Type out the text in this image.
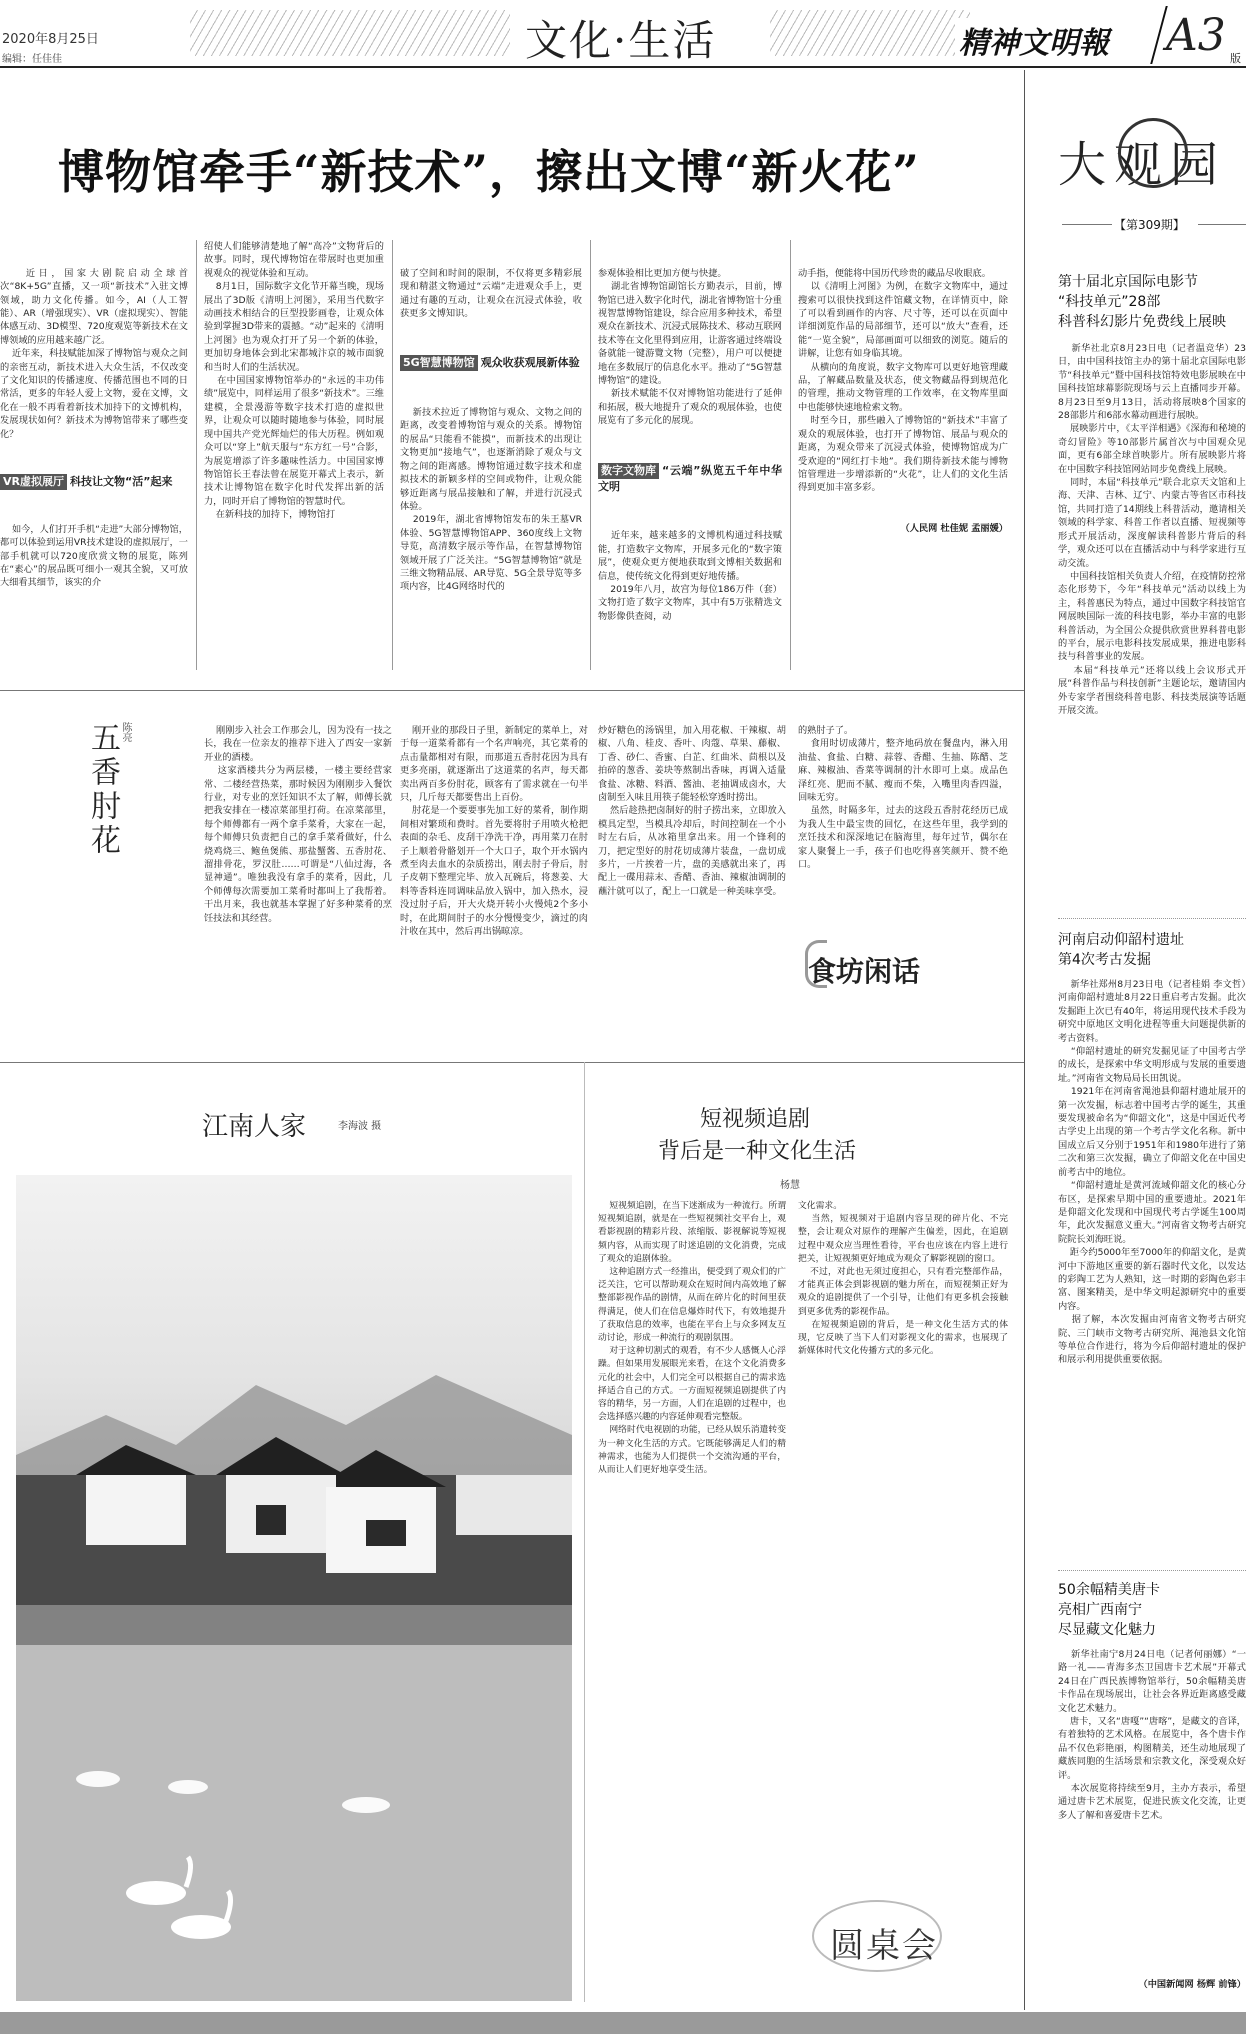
2020年8月25日
编辑：任佳佳	文化·生活	精神文明報 A3 版
博物馆牵手“新技术”，擦出文博“新火花”

近日，国家大剧院启动全球首次“8K+5G”直播，又一项“新技术”入驻文博领域，助力文化传播。如今，AI（人工智能）、AR（增强现实）、VR（虚拟现实）、智能体感互动、3D模型、720度观览等新技术在文博领域的应用越来越广泛。
近年来，科技赋能加深了博物馆与观众之间的亲密互动，新技术进入大众生活，不仅改变了文化知识的传播速度、传播范围也不同的日常活，更多的年轻人爱上文物，爱在文博，文化在一般不再看着新技术加持下的文博机构，发展现状如何？新技术为博物馆带来了哪些变化？

VR虚拟展厅 科技让文物“活”起来

如今，人们打开手机“走进”大部分博物馆，都可以体验到运用VR技术建设的虚拟展厅，一部手机就可以720度欣赏文物的展览，陈列在“素心”的展品既可细小一观其全貌，又可放大细看其细节，该实的介

绍使人们能够清楚地了解“高冷”文物背后的故事。同时，现代博物馆在带展时也更加重视观众的视觉体验和互动。
8月1日，国际数字文化节开幕当晚，现场展出了3D版《清明上河图》，采用当代数字动画技术相结合的巨型投影画卷，让观众体验到掌握3D带来的震撼。“动”起来的《清明上河图》也为观众打开了另一个新的体验，更加切身地体会到北宋都城汴京的城市面貌和当时人们的生活状况。
在中国国家博物馆举办的“永远的丰功伟绩”展览中，同样运用了很多“新技术”。三维建模，全景漫游等数字技术打造的虚拟世界，让观众可以随时随地参与体验，同时展现中国共产党光辉灿烂的伟大历程。例如观众可以“穿上”航天服与“东方红一号”合影，为展览增添了许多趣味性活力。中国国家博物馆馆长王春法曾在展览开幕式上表示，新技术让博物馆在数字化时代发挥出新的活力，同时开启了博物馆的智慧时代。
在新科技的加持下，博物馆打

破了空间和时间的限制，不仅将更多精彩展现和精湛文物通过“云端”走进观众手上，更通过有趣的互动，让观众在沉浸式体验，收获更多文博知识。

5G智慧博物馆 观众收获观展新体验

新技术拉近了博物馆与观众、文物之间的距离，改变着博物馆与观众的关系。博物馆的展品“只能看不能摸”，而新技术的出现让文物更加“接地气”，也逐渐消除了观众与文物之间的距离感。博物馆通过数字技术和虚拟技术的新颖多样的空间或物件，让观众能够近距离与展品接触和了解，并进行沉浸式体验。
2019年，湖北省博物馆发布的朱王墓VR体验、5G智慧博物馆APP、360度线上文物导览，高清数字展示等作品，在智慧博物馆领域开展了广泛关注。“5G智慧博物馆”就是三维文物精品展、AR导览、5G全景导览等多项内容，比4G网络时代的

参观体验相比更加方便与快捷。
湖北省博物馆副馆长方勤表示，目前，博物馆已进入数字化时代，湖北省博物馆十分重视智慧博物馆建设，综合应用多种技术，希望观众在新技术、沉浸式展陈技术、移动互联网技术等在文化里得到应用，让游客通过终端设备就能一键游覽文物（完整），用户可以便捷地在多数展厅的信息化水平。推动了“5G智慧博物馆”的建设。
新技术赋能不仅对博物馆功能进行了延伸和拓展，极大地提升了观众的观展体验，也使展览有了多元化的展现。

数字文物库 “云端”纵览五千年中华文明

近年来，越来越多的文博机构通过科技赋能，打造数字文物库，开展多元化的“数字策展”，使观众更方便地获取到文博相关数据和信息，使传统文化得到更好地传播。
2019年八月，故宫为每位186万件（套）文物打造了数字文物库，其中有5万张精选文物影像供查阅，动

动手指，便能将中国历代珍贵的藏品尽收眼底。
以《清明上河图》为例，在数字文物库中，通过搜索可以很快找到这件馆藏文物，在详情页中，除了可以看到画作的内容、尺寸等，还可以在页面中详细浏览作品的局部细节，还可以“放大”查看，还能“一览全貌”，局部画面可以细致的浏览。随后的讲解，让您有如身临其境。
从横向的角度说，数字文物库可以更好地管理藏品，了解藏品数量及状态，使文物藏品得到规范化的管理，推动文物管理的工作效率，在文物库里面中也能够快速地检索文物。
时至今日，那些融入了博物馆的“新技术”丰富了观众的观展体验，也打开了博物馆、展品与观众的距离，为观众带来了沉浸式体验，使博物馆成为广受欢迎的“网红打卡地”。我们期待新技术能与博物馆管理进一步增添新的“火花”，让人们的文化生活得到更加丰富多彩。

（人民网 杜佳妮 孟丽媛）

陈亮
五香肘花	刚刚步入社会工作那会儿，因为没有一技之长，我在一位亲友的推荐下进入了西安一家新开业的酒楼。
这家酒楼共分为两层楼，一楼主要经营家常、二楼经营热菜，那时候因为刚刚步入餐饮行业，对专业的烹饪知识不太了解，师傅长就把我安排在一楼凉菜部里打荷。在凉菜部里，每个师傅都有一两个拿手菜肴，大家在一起，每个师傅只负责把自己的拿手菜肴做好，什么烧鸡烧三、鲍鱼煲熊、那盐蟹酱、五香肘花、溜排骨花，罗汉肚……可谓是“八仙过海，各显神通”。唯独我没有拿手的菜肴，因此，几个师傅每次需要加工菜肴时都叫上了我帮着。干出月来，我也就基本掌握了好多种菜肴的烹饪技法和其经营。
刚开业的那段日子里，新制定的菜单上，对于每一道菜肴都有一个名声响亮，其它菜肴的点击量都相对有限，而那道五香肘花因为具有更多亮丽，就逐渐出了这道菜的名声，每天都卖出两百多份肘花，顾客有了需求就在一句半只，几斤每天都要售出上百份。
肘花是一个要要事先加工好的菜肴，制作期间相对繁琐和费时。首先要将肘子用喷火枪把表面的杂毛、皮刮干净洗干净，再用菜刀在肘子上顺着骨骼划开一个大口子，取个开水锅内煮至肉去血水的杂质捞出，刚去肘子骨后，肘子皮朝下整理完毕、放入瓦碗后，将葱姜、大料等香料连同调味品放入锅中，加入热水，浸没过肘子后，开大火烧开转小火慢炖2个多小时，在此期间肘子的水分慢慢变少，滴过的肉汁收在其中，然后再出锅晾凉。
炒好糖色的汤锅里，加入用花椒、干辣椒、胡椒、八角、桂皮、香叶、肉蔻、草果、藤椒、丁香、砂仁、香蜜、白芷、红曲米、茴根以及拍碎的葱香、姜块等熬制出香味，再调入适量食盐、冰糖、料酒、酱油、老抽调成卤水，大卤制至入味且用筷子能轻松穿透时捞出。
然后趁热把卤制好的肘子捞出来，立即放入模具定型，当模具冷却后，时间控制在一个小时左右后，从冰箱里拿出来。用一个锋利的刀，把定型好的肘花切成薄片装盘，一盘切成多片，一片挨着一片，盘的美感就出来了，再配上一碟用蒜末、香醋、香油、辣椒油调制的蘸汁就可以了，配上一口就是一种美味享受。
的熟肘子了。
食用时切成薄片，整齐地码放在餐盘内，淋入用油盐、食盐、白糖、蒜蓉、香醋、生抽、陈醋、芝麻、辣椒油、香菜等调制的汁水即可上桌。成品色泽红亮、肥而不腻、瘦而不柴，入嘴里肉香四溢，回味无穷。
虽然，时隔多年，过去的这段五香肘花经历已成为我人生中最宝贵的回忆，在这些年里，我学到的烹饪技术和深深地记在脑海里，每年过节，偶尔在家人聚餐上一手，孩子们也吃得喜笑颜开、赞不绝口。
食坊闲话
江南人家	李海波 摄	短视频追剧
背后是一种文化生活
杨慧
短视频追剧，在当下迷渐成为一种流行。所谓短视频追剧，就是在一些短视频社交平台上，观看影视剧的精彩片段、浓缩版、影视解说等短视频内容，从而实现了时迷追剧的文化消费，完成了观众的追剧体验。
这种追剧方式一经推出，便受到了观众们的广泛关注，它可以帮助观众在短时间内高效地了解整部影视作品的剧情，从而在碎片化的时间里获得满足，使人们在信息爆炸时代下，有效地提升了获取信息的效率，也能在平台上与众多网友互动讨论，形成一种流行的观剧氛围。
对于这种切割式的观看，有不少人感慨人心浮躁。但如果用发展眼光来看，在这个文化消费多元化的社会中，人们完全可以根据自己的需求选择适合自己的方式。一方面短视频追剧提供了内容的精华，另一方面，人们在追剧的过程中，也会选择感兴趣的内容延伸观看完整版。
网络时代电视剧的功能，已经从娱乐消遣转变为一种文化生活的方式。它既能够满足人们的精神需求，也能为人们提供一个交流沟通的平台，从而让人们更好地享受生活。
文化需求。
当然，短视频对于追剧内容呈现的碎片化、不完整，会让观众对原作的理解产生偏差，因此，在追剧过程中观众应当理性看待，平台也应该在内容上进行把关，让短视频更好地成为观众了解影视剧的窗口。
不过，对此也无须过度担心，只有看完整部作品，才能真正体会到影视剧的魅力所在，而短视频正好为观众的追剧提供了一个引导，让他们有更多机会接触到更多优秀的影视作品。
在短视频追剧的背后，是一种文化生活方式的体现，它反映了当下人们对影视文化的需求，也展现了新媒体时代文化传播方式的多元化。
圆桌会
大观园
【第309期】
第十届北京国际电影节
“科技单元”28部
科普科幻影片免费线上展映
新华社北京8月23日电（记者温竞华）23日，由中国科技馆主办的第十届北京国际电影节“科技单元”暨中国科技馆特效电影展映在中国科技馆球幕影院现场与云上直播同步开幕。8月23日至9月13日，活动将展映8个国家的28部影片和6部水幕动画进行展映。
展映影片中，《太平洋相遇》《深海和秘境的奇幻冒险》等10部影片属首次与中国观众见面，更有6部全球首映影片。所有展映影片将在中国数字科技馆网站同步免费线上展映。
同时，本届“科技单元”联合北京天文馆和上海、天津、吉林、辽宁、内蒙古等省区市科技馆，共同打造了14期线上科普活动，邀请相关领域的科学家、科普工作者以直播、短视频等形式开展活动，深度解读科普影片背后的科学，观众还可以在直播活动中与科学家进行互动交流。
中国科技馆相关负责人介绍，在疫情防控常态化形势下，今年“科技单元”活动以线上为主，科普惠民为特点，通过中国数字科技馆官网展映国际一流的科技电影，举办丰富的电影科普活动，为全国公众提供欣赏世界科普电影的平台，展示电影科技发展成果，推进电影科技与科普事业的发展。
本届“科技单元”还将以线上会议形式开展“科普作品与科技创新”主题论坛，邀请国内外专家学者围绕科普电影、科技类展演等话题开展交流。
河南启动仰韶村遗址
第4次考古发掘
新华社郑州8月23日电（记者桂娟 李文哲）河南仰韶村遗址8月22日重启考古发掘。此次发掘距上次已有40年，将运用现代技术手段为研究中原地区文明化进程等重大问题提供新的考古资料。
“仰韶村遗址的研究发掘见证了中国考古学的成长，是探索中华文明形成与发展的重要遗址。”河南省文物局局长田凯说。
1921年在河南省渑池县仰韶村遗址展开的第一次发掘，标志着中国考古学的诞生，其重要发现被命名为“仰韶文化”，这是中国近代考古学史上出现的第一个考古学文化名称。新中国成立后又分别于1951年和1980年进行了第二次和第三次发掘，确立了仰韶文化在中国史前考古中的地位。
“仰韶村遗址是黄河流域仰韶文化的核心分布区，是探索早期中国的重要遗址。2021年是仰韶文化发现和中国现代考古学诞生100周年，此次发掘意义重大。”河南省文物考古研究院院长刘海旺说。
距今约5000年至7000年的仰韶文化，是黄河中下游地区重要的新石器时代文化，以发达的彩陶工艺为人熟知，这一时期的彩陶色彩丰富、图案精美，是中华文明起源研究中的重要内容。
据了解，本次发掘由河南省文物考古研究院、三门峡市文物考古研究所、渑池县文化馆等单位合作进行，将为今后仰韶村遗址的保护和展示利用提供重要依据。
50余幅精美唐卡
亮相广西南宁
尽显藏文化魅力
新华社南宁8月24日电（记者何丽娜）“一路一礼——青海多杰卫国唐卡艺术展”开幕式24日在广西民族博物馆举行，50余幅精美唐卡作品在现场展出，让社会各界近距离感受藏文化艺术魅力。
唐卡，又名“唐嘎”“唐喀”，是藏文的音译，有着独特的艺术风格。在展览中，各个唐卡作品不仅色彩艳丽，构图精美，还生动地展现了藏族同胞的生活场景和宗教文化，深受观众好评。
本次展览将持续至9月，主办方表示，希望通过唐卡艺术展览，促进民族文化交流，让更多人了解和喜爱唐卡艺术。
（中国新闻网 杨辉 前锋）
